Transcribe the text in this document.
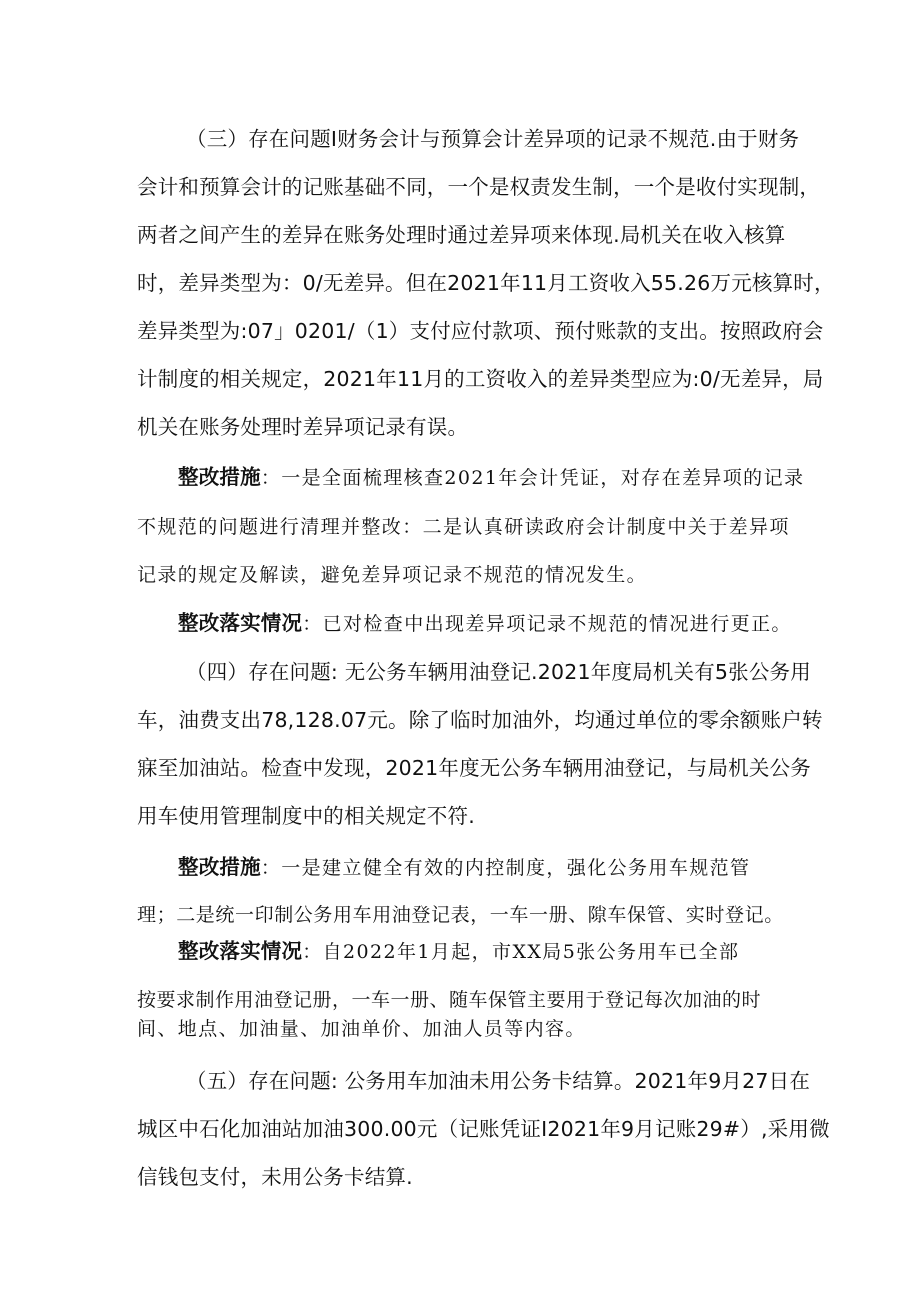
（三）存在问题I财务会计与预算会计差异项的记录不规范.由于财务
会计和预算会计的记账基础不同，一个是权责发生制，一个是收付实现制，
两者之间产生的差异在账务处理时通过差异项来体现.局机关在收入核算
时，差异类型为：0/无差异。但在2021年11月工资收入55.26万元核算时，
差异类型为:07」0201/（1）支付应付款项、预付账款的支出。按照政府会
计制度的相关规定，2021年11月的工资收入的差异类型应为:0/无差异，局
机关在账务处理时差异项记录有误。
整改措施：一是全面梳理核查2021年会计凭证，对存在差异项的记录
不规范的问题进行清理并整改：二是认真研读政府会计制度中关于差异项
记录的规定及解读，避免差异项记录不规范的情况发生。
整改落实情况：已对检查中出现差异项记录不规范的情况进行更正。
（四）存在问题: 无公务车辆用油登记.2021年度局机关有5张公务用
车，油费支出78,128.07元。除了临时加油外，均通过单位的零余额账户转
寐至加油站。检查中发现，2021年度无公务车辆用油登记，与局机关公务
用车使用管理制度中的相关规定不符.
整改措施：一是建立健全有效的内控制度，强化公务用车规范管
理；二是统一印制公务用车用油登记表，一车一册、隙车保管、实时登记。
整改落实情况：自2022年1月起，市XX局5张公务用车已全部
按要求制作用油登记册，一车一册、随车保管主要用于登记每次加油的时
间、地点、加油量、加油单价、加油人员等内容。
（五）存在问题: 公务用车加油未用公务卡结算。2021年9月27日在
城区中石化加油站加油300.00元（记账凭证I2021年9月记账29#）,采用微
信钱包支付，未用公务卡结算.
